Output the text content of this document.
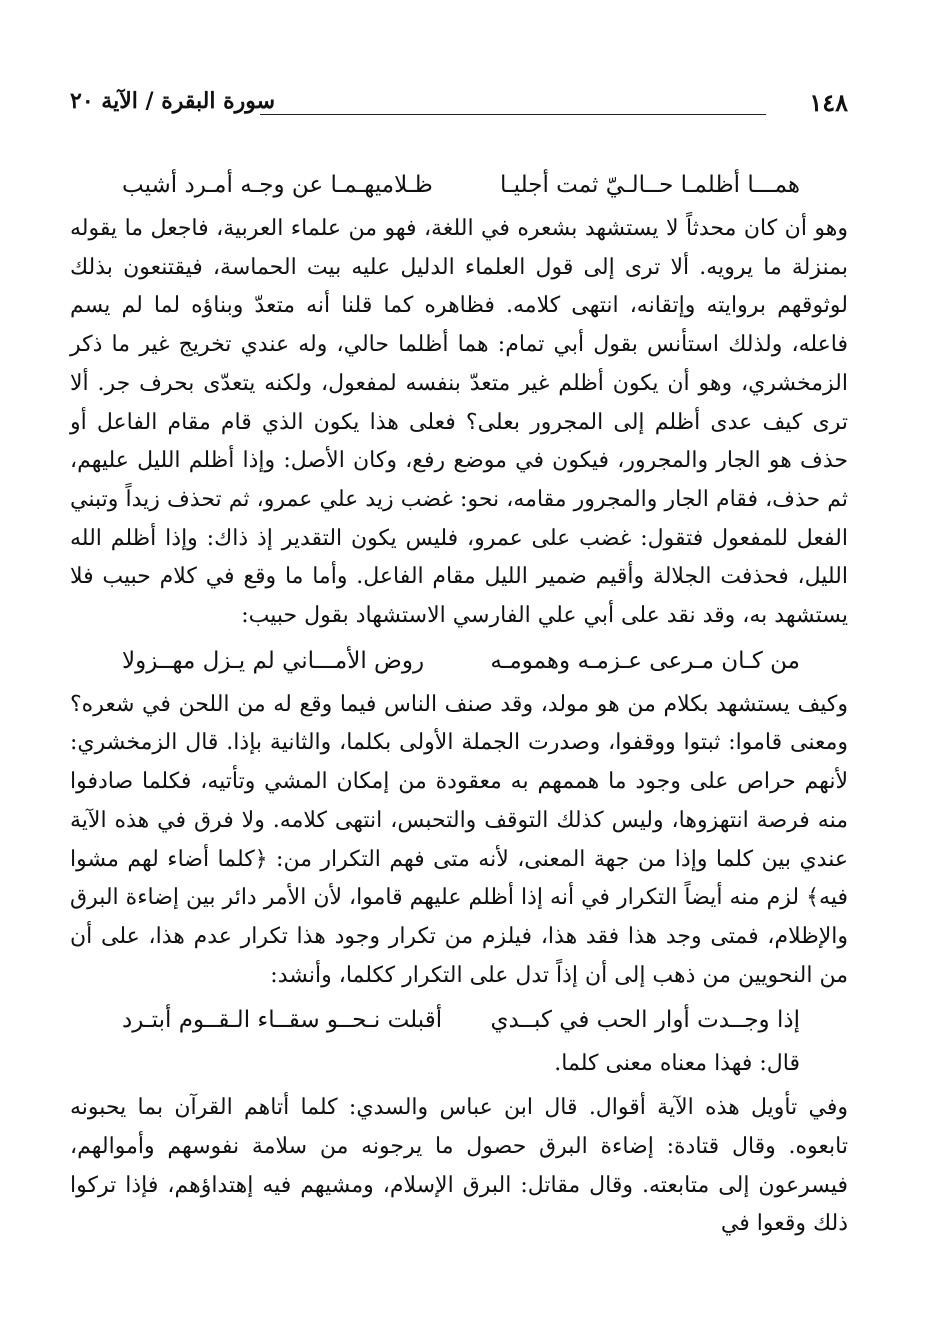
١٤٨
سورة البقرة / الآية ٢٠
همـــا أظلمـا حــالـيّ ثمت أجليـا
ظـلاميهـمـا عن وجـه أمـرد أشيب

وهو أن كان محدثاً لا يستشهد بشعره في اللغة، فهو من علماء العربية، فاجعل ما يقوله بمنزلة ما يرويه. ألا ترى إلى قول العلماء الدليل عليه بيت الحماسة، فيقتنعون بذلك لوثوقهم بروايته وإتقانه، انتهى كلامه. فظاهره كما قلنا أنه متعدّ وبناؤه لما لم يسم فاعله، ولذلك استأنس بقول أبي تمام: هما أظلما حالي، وله عندي تخريج غير ما ذكر الزمخشري، وهو أن يكون أظلم غير متعدّ بنفسه لمفعول، ولكنه يتعدّى بحرف جر. ألا ترى كيف عدى أظلم إلى المجرور بعلى؟ فعلى هذا يكون الذي قام مقام الفاعل أو حذف هو الجار والمجرور، فيكون في موضع رفع، وكان الأصل: وإذا أظلم الليل عليهم، ثم حذف، فقام الجار والمجرور مقامه، نحو: غضب زيد علي عمرو، ثم تحذف زيداً وتبني الفعل للمفعول فتقول: غضب على عمرو، فليس يكون التقدير إذ ذاك: وإذا أظلم الله الليل، فحذفت الجلالة وأقيم ضمير الليل مقام الفاعل. وأما ما وقع في كلام حبيب فلا يستشهد به، وقد نقد على أبي علي الفارسي الاستشهاد بقول حبيب:

من كـان مـرعى عـزمـه وهمومـه
روض الأمـــاني لم يـزل مهــزولا

وكيف يستشهد بكلام من هو مولد، وقد صنف الناس فيما وقع له من اللحن في شعره؟ ومعنى قاموا: ثبتوا ووقفوا، وصدرت الجملة الأولى بكلما، والثانية بإذا. قال الزمخشري: لأنهم حراص على وجود ما هممهم به معقودة من إمكان المشي وتأتيه، فكلما صادفوا منه فرصة انتهزوها، وليس كذلك التوقف والتحبس، انتهى كلامه. ولا فرق في هذه الآية عندي بين كلما وإذا من جهة المعنى، لأنه متى فهم التكرار من: ﴿كلما أضاء لهم مشوا فيه﴾ لزم منه أيضاً التكرار في أنه إذا أظلم عليهم قاموا، لأن الأمر دائر بين إضاءة البرق والإظلام، فمتى وجد هذا فقد هذا، فيلزم من تكرار وجود هذا تكرار عدم هذا، على أن من النحويين من ذهب إلى أن إذاً تدل على التكرار ككلما، وأنشد:

إذا وجــدت أوار الحب في كبــدي
أقبلت نـحــو سقــاء الـقــوم أبتـرد
قال: فهذا معناه معنى كلما.

وفي تأويل هذه الآية أقوال. قال ابن عباس والسدي: كلما أتاهم القرآن بما يحبونه تابعوه. وقال قتادة: إضاءة البرق حصول ما يرجونه من سلامة نفوسهم وأموالهم، فيسرعون إلى متابعته. وقال مقاتل: البرق الإسلام، ومشيهم فيه إهتداؤهم، فإذا تركوا ذلك وقعوا في
